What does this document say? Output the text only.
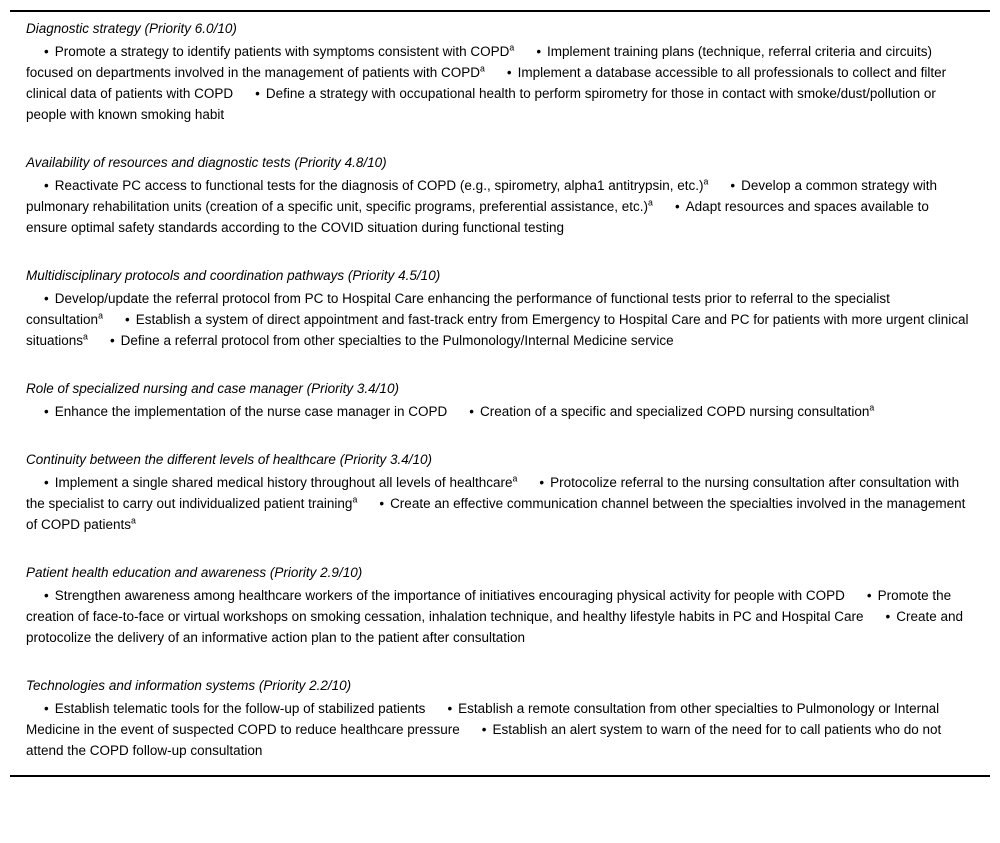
Diagnostic strategy (Priority 6.0/10)

• Promote a strategy to identify patients with symptoms consistent with COPD$^a$ • Implement training plans (technique, referral criteria and circuits) focused on departments involved in the management of patients with COPD$^a$ • Implement a database accessible to all professionals to collect and filter clinical data of patients with COPD • Define a strategy with occupational health to perform spirometry for those in contact with smoke/dust/pollution or people with known smoking habit

Availability of resources and diagnostic tests (Priority 4.8/10)

• Reactivate PC access to functional tests for the diagnosis of COPD (e.g., spirometry, alpha1 antitrypsin, etc.)$^a$ • Develop a common strategy with pulmonary rehabilitation units (creation of a specific unit, specific programs, preferential assistance, etc.)$^a$ • Adapt resources and spaces available to ensure optimal safety standards according to the COVID situation during functional testing

Multidisciplinary protocols and coordination pathways (Priority 4.5/10)

• Develop/update the referral protocol from PC to Hospital Care enhancing the performance of functional tests prior to referral to the specialist consultation$^a$ • Establish a system of direct appointment and fast-track entry from Emergency to Hospital Care and PC for patients with more urgent clinical situations$^a$ • Define a referral protocol from other specialties to the Pulmonology/Internal Medicine service

Role of specialized nursing and case manager (Priority 3.4/10)

• Enhance the implementation of the nurse case manager in COPD • Creation of a specific and specialized COPD nursing consultation$^a$

Continuity between the different levels of healthcare (Priority 3.4/10)

• Implement a single shared medical history throughout all levels of healthcare$^a$ • Protocolize referral to the nursing consultation after consultation with the specialist to carry out individualized patient training$^a$ • Create an effective communication channel between the specialties involved in the management of COPD patients$^a$

Patient health education and awareness (Priority 2.9/10)

• Strengthen awareness among healthcare workers of the importance of initiatives encouraging physical activity for people with COPD • Promote the creation of face-to-face or virtual workshops on smoking cessation, inhalation technique, and healthy lifestyle habits in PC and Hospital Care • Create and protocolize the delivery of an informative action plan to the patient after consultation

Technologies and information systems (Priority 2.2/10)

• Establish telematic tools for the follow-up of stabilized patients • Establish a remote consultation from other specialties to Pulmonology or Internal Medicine in the event of suspected COPD to reduce healthcare pressure • Establish an alert system to warn of the need for to call patients who do not attend the COPD follow-up consultation
